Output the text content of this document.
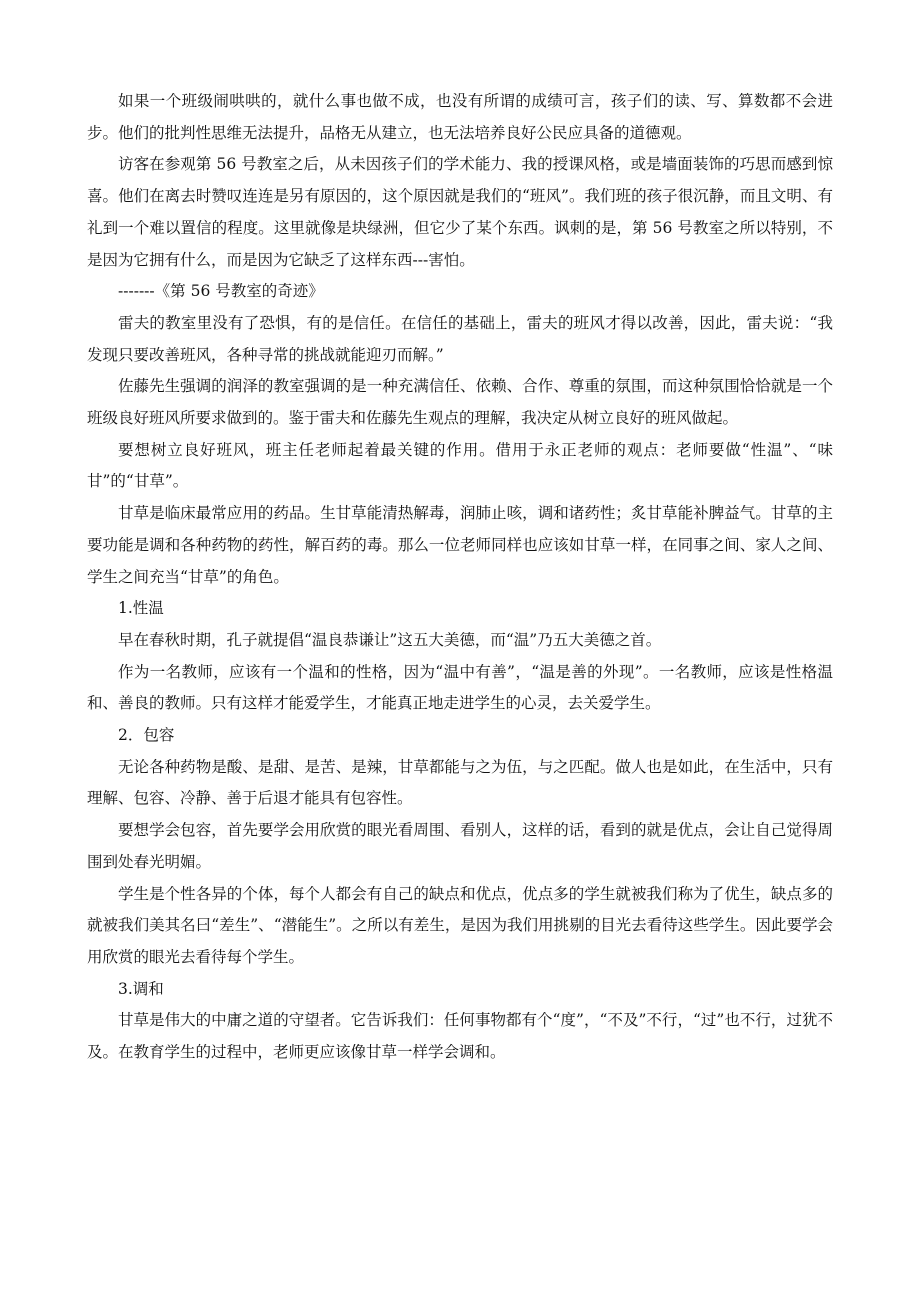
如果一个班级闹哄哄的，就什么事也做不成，也没有所谓的成绩可言，孩子们的读、写、算数都不会进步。他们的批判性思维无法提升，品格无从建立，也无法培养良好公民应具备的道德观。

访客在参观第 56 号教室之后，从未因孩子们的学术能力、我的授课风格，或是墙面装饰的巧思而感到惊喜。他们在离去时赞叹连连是另有原因的，这个原因就是我们的“班风”。我们班的孩子很沉静，而且文明、有礼到一个难以置信的程度。这里就像是块绿洲，但它少了某个东西。讽刺的是，第 56 号教室之所以特别，不是因为它拥有什么，而是因为它缺乏了这样东西---害怕。

-------《第 56 号教室的奇迹》

雷夫的教室里没有了恐惧，有的是信任。在信任的基础上，雷夫的班风才得以改善，因此，雷夫说：“我发现只要改善班风，各种寻常的挑战就能迎刃而解。”

佐藤先生强调的润泽的教室强调的是一种充满信任、依赖、合作、尊重的氛围，而这种氛围恰恰就是一个班级良好班风所要求做到的。鉴于雷夫和佐藤先生观点的理解，我决定从树立良好的班风做起。

要想树立良好班风，班主任老师起着最关键的作用。借用于永正老师的观点：老师要做“性温”、“味甘”的“甘草”。

甘草是临床最常应用的药品。生甘草能清热解毒，润肺止咳，调和诸药性；炙甘草能补脾益气。甘草的主要功能是调和各种药物的药性，解百药的毒。那么一位老师同样也应该如甘草一样，在同事之间、家人之间、学生之间充当“甘草”的角色。

1.性温

早在春秋时期，孔子就提倡“温良恭谦让”这五大美德，而“温”乃五大美德之首。

作为一名教师，应该有一个温和的性格，因为“温中有善”，“温是善的外现”。一名教师，应该是性格温和、善良的教师。只有这样才能爱学生，才能真正地走进学生的心灵，去关爱学生。

2．包容

无论各种药物是酸、是甜、是苦、是辣，甘草都能与之为伍，与之匹配。做人也是如此，在生活中，只有理解、包容、冷静、善于后退才能具有包容性。

要想学会包容，首先要学会用欣赏的眼光看周围、看别人，这样的话，看到的就是优点，会让自己觉得周围到处春光明媚。

学生是个性各异的个体，每个人都会有自己的缺点和优点，优点多的学生就被我们称为了优生，缺点多的就被我们美其名曰“差生”、“潜能生”。之所以有差生，是因为我们用挑剔的目光去看待这些学生。因此要学会用欣赏的眼光去看待每个学生。

3.调和

甘草是伟大的中庸之道的守望者。它告诉我们：任何事物都有个“度”，“不及”不行，“过”也不行，过犹不及。在教育学生的过程中，老师更应该像甘草一样学会调和。
